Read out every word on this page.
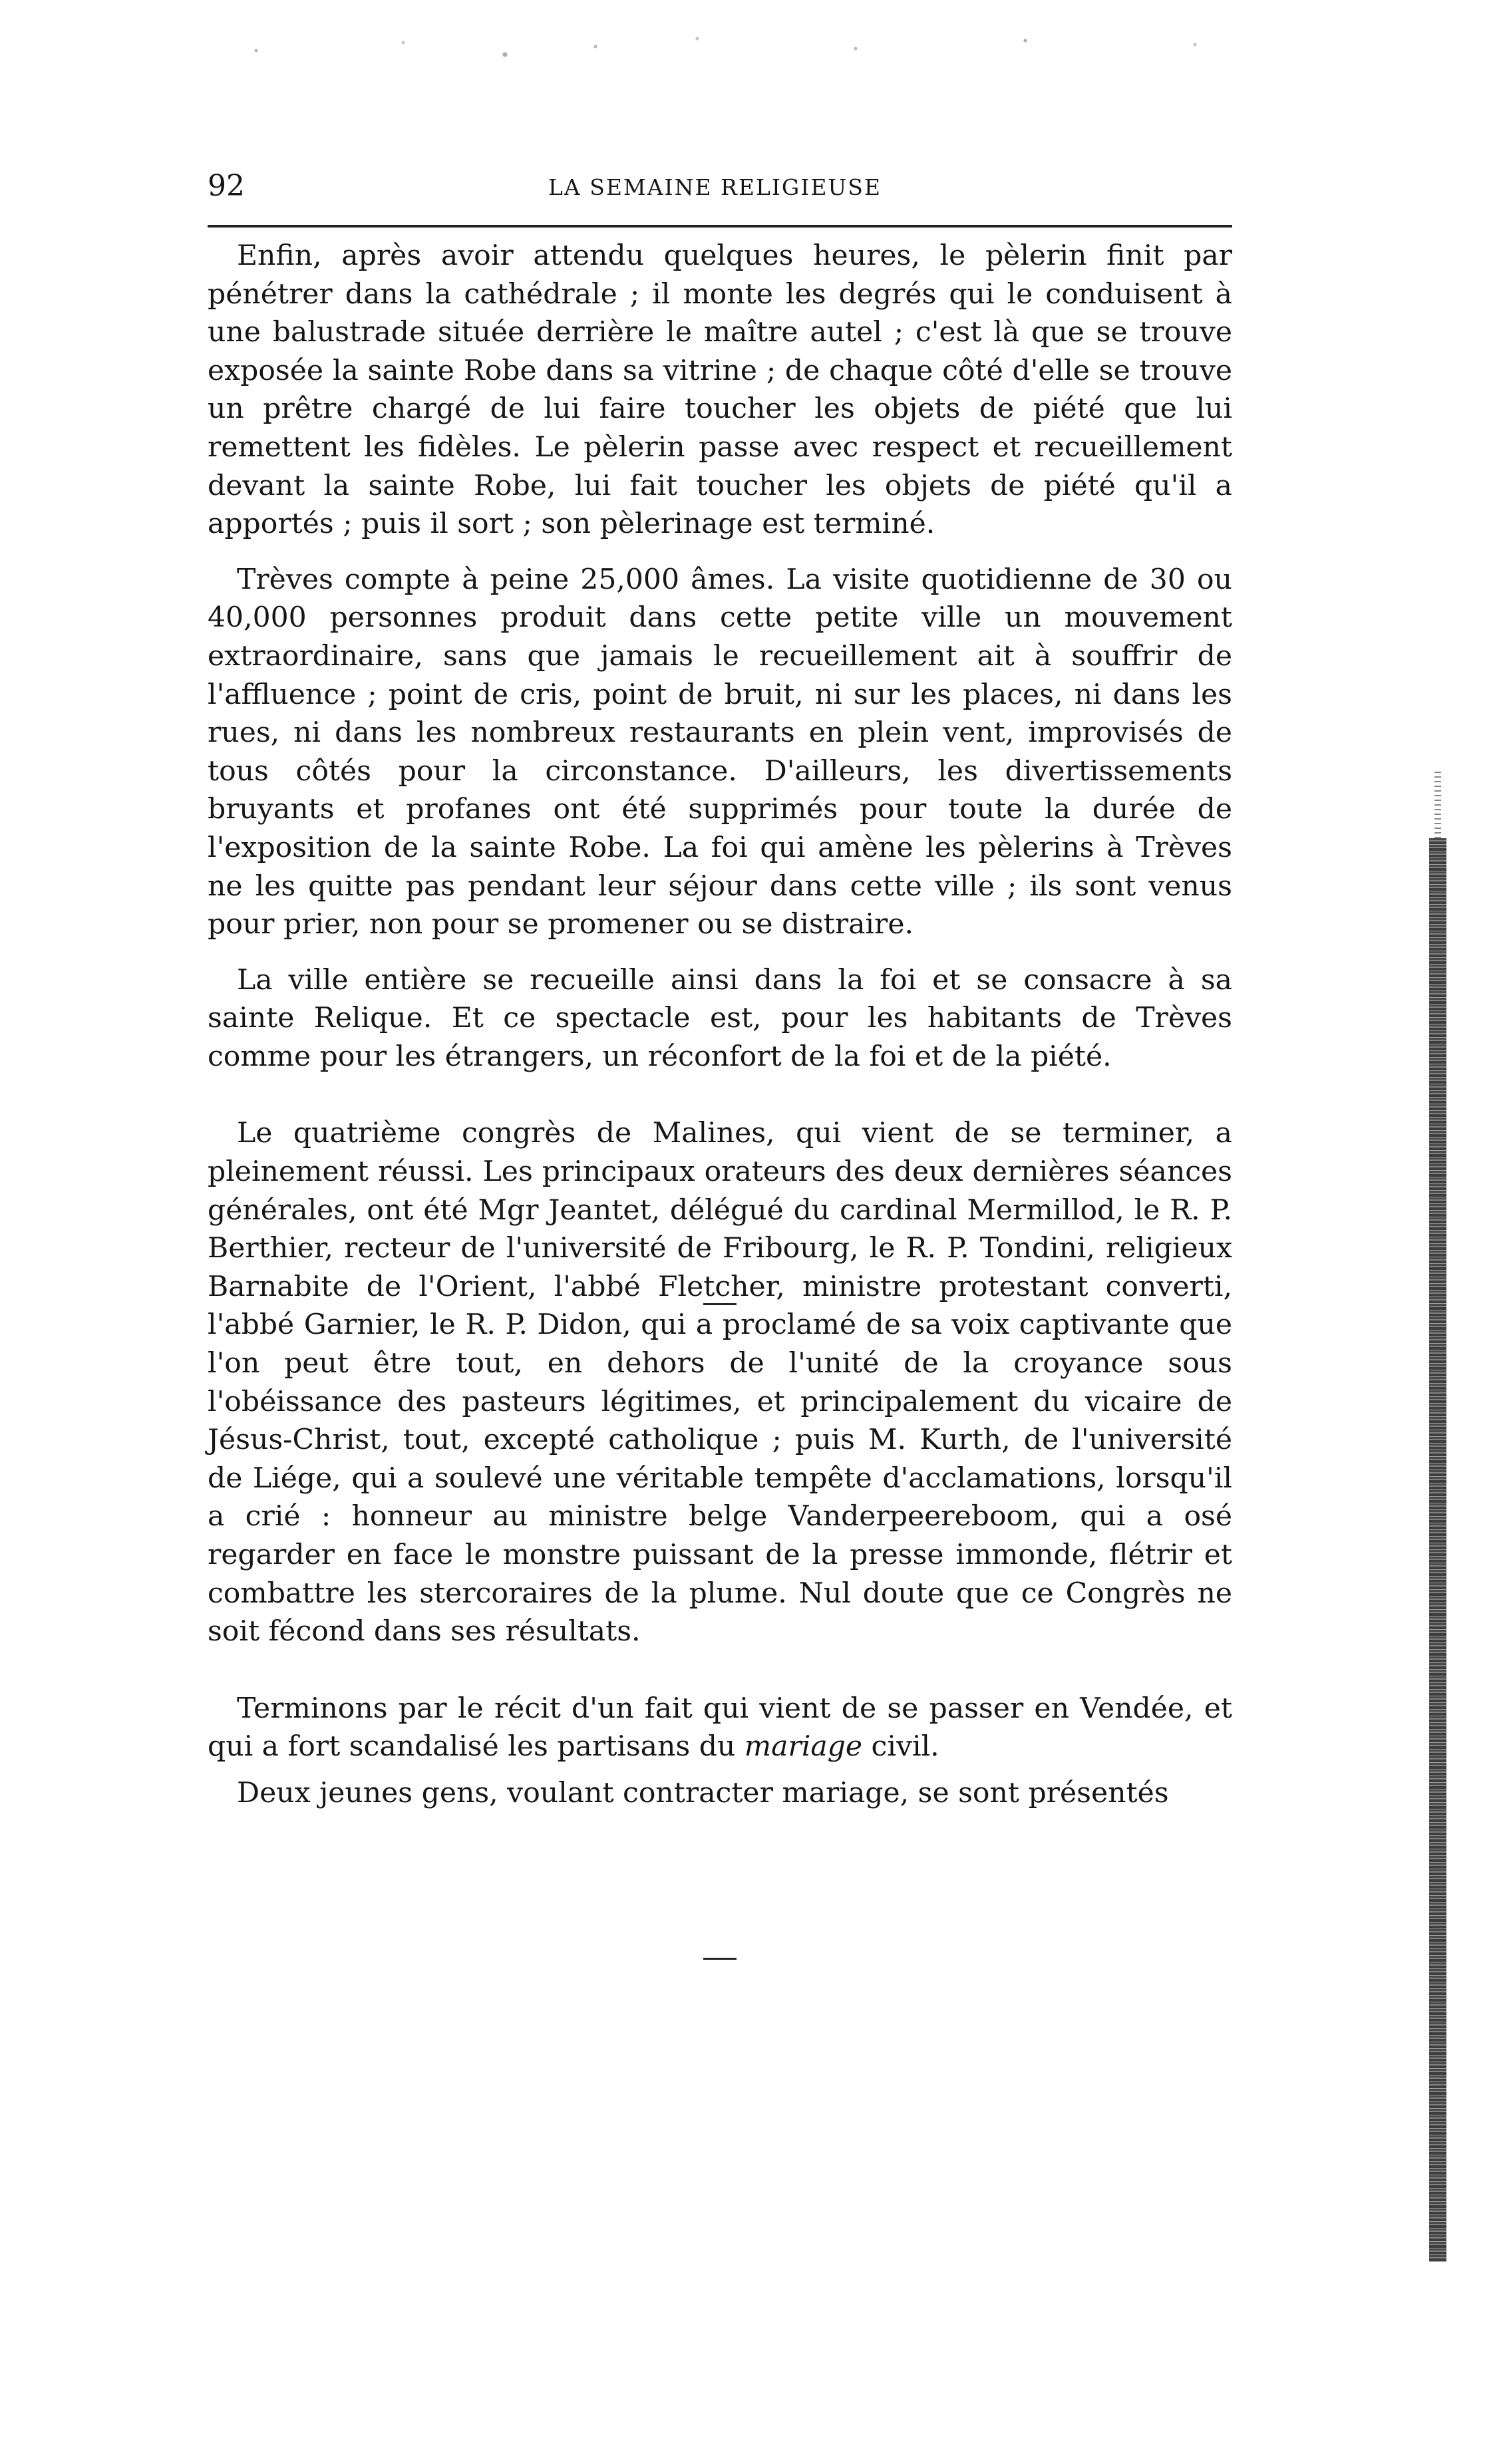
92	LA SEMAINE RELIGIEUSE

Enfin, après avoir attendu quelques heures, le pèlerin finit par pénétrer dans la cathédrale ; il monte les degrés qui le conduisent à une balustrade située derrière le maître autel ; c'est là que se trouve exposée la sainte Robe dans sa vitrine ; de chaque côté d'elle se trouve un prêtre chargé de lui faire toucher les objets de piété que lui remettent les fidèles. Le pèlerin passe avec respect et recueillement devant la sainte Robe, lui fait toucher les objets de piété qu'il a apportés ; puis il sort ; son pèlerinage est terminé.

Trèves compte à peine 25,000 âmes. La visite quotidienne de 30 ou 40,000 personnes produit dans cette petite ville un mouvement extraordinaire, sans que jamais le recueillement ait à souffrir de l'affluence ; point de cris, point de bruit, ni sur les places, ni dans les rues, ni dans les nombreux restaurants en plein vent, improvisés de tous côtés pour la circonstance. D'ailleurs, les divertissements bruyants et profanes ont été supprimés pour toute la durée de l'exposition de la sainte Robe. La foi qui amène les pèlerins à Trèves ne les quitte pas pendant leur séjour dans cette ville ; ils sont venus pour prier, non pour se promener ou se distraire.

La ville entière se recueille ainsi dans la foi et se consacre à sa sainte Relique. Et ce spectacle est, pour les habitants de Trèves comme pour les étrangers, un réconfort de la foi et de la piété.

Le quatrième congrès de Malines, qui vient de se terminer, a pleinement réussi. Les principaux orateurs des deux dernières séances générales, ont été Mgr Jeantet, délégué du cardinal Mermillod, le R. P. Berthier, recteur de l'université de Fribourg, le R. P. Tondini, religieux Barnabite de l'Orient, l'abbé Fletcher, ministre protestant converti, l'abbé Garnier, le R. P. Didon, qui a proclamé de sa voix captivante que l'on peut être tout, en dehors de l'unité de la croyance sous l'obéissance des pasteurs légitimes, et principalement du vicaire de Jésus-Christ, tout, excepté catholique ; puis M. Kurth, de l'université de Liége, qui a soulevé une véritable tempête d'acclamations, lorsqu'il a crié : honneur au ministre belge Vanderpeereboom, qui a osé regarder en face le monstre puissant de la presse immonde, flétrir et combattre les stercoraires de la plume. Nul doute que ce Congrès ne soit fécond dans ses résultats.

Terminons par le récit d'un fait qui vient de se passer en Vendée, et qui a fort scandalisé les partisans du mariage civil.

Deux jeunes gens, voulant contracter mariage, se sont présentés
